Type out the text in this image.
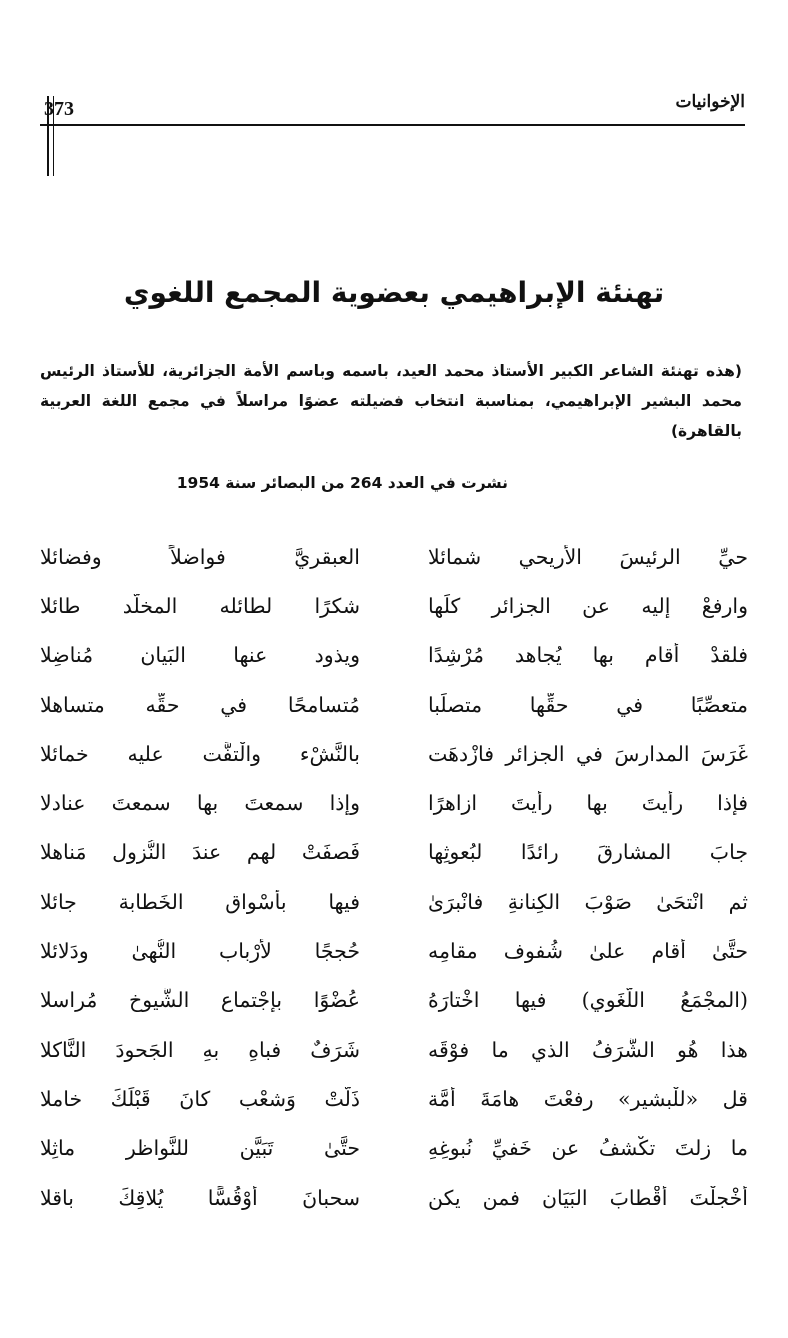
373	الإخوانيات
تهنئة الإبراهيمي بعضوية المجمع اللغوي

(هذه تهنئة الشاعر الكبير الأستاذ محمد العيد، باسمه وباسم الأمة الجزائرية، للأستاذ الرئيس محمد البشير الإبراهيمي، بمناسبة انتخاب فضيلته عضوًا مراسلاً في مجمع اللغة العربية بالقاهرة)

نشرت في العدد 264 من البصائر سنة 1954
حيِّ الرئيسَ الأريحي شمائلا
العبقريَّ فواضلاً وفضائلا
وارفعْ إليه عن الجزائر كلِّها
شكرًا لطائله المخلَّد طائلا
فلقدْ أقام بها يُجاهد مُرْشِدًا
ويذود عنها البَيان مُناضِلا
متعصِّبًا في حقِّها متصلِّبا
مُتسامحًا في حقِّه متساهلا
غَرَسَ المدارسَ في الجزائر فازْدهَت
بالنَّشْء والْتفَّت عليه خمائلا
فإذا رأيتَ بها رأيتَ ازاهرًا
وإذا سمعتَ بها سمعتَ عنادلا
جابَ المشارقَ رائدًا لبُعوثِها
فَصفَتْ لهم عندَ النُّزول مَناهلا
ثم انْتحَىٰ صَوْبَ الكِنانةِ فانْبرَىٰ
فيها بأسْواق الخَطابة جائلا
حتَّىٰ أقام علىٰ شُفوف مقامِه
حُججًا لأرْباب النُّهىٰ ودَلائلا
(المجْمَعُ اللُّغَوي) فيها اخْتارَهُ
عُضْوًا بإجْتماع الشُّيوخ مُراسلا
هذا هُو الشَّرَفُ الذي ما فوْقَه
شَرَفٌ فباهِ بهِ الجَحودَ النَّاكلا
قل «للْبشير» رفعْتَ هامَةَ أمَّة
ذَلَّتْ وَشعْب كانَ قَبْلَكَ خاملا
ما زلتَ تكْشفُ عن خَفيِّ نُبوغِهِ
حتَّىٰ تَبَيَّن للنَّواظر ماثِلا
أخْجلْتَ أقْطابَ البَيَانِ فمن يكن
سحبانَ أوْقُسًّا يُلاقِكَ باقلا
